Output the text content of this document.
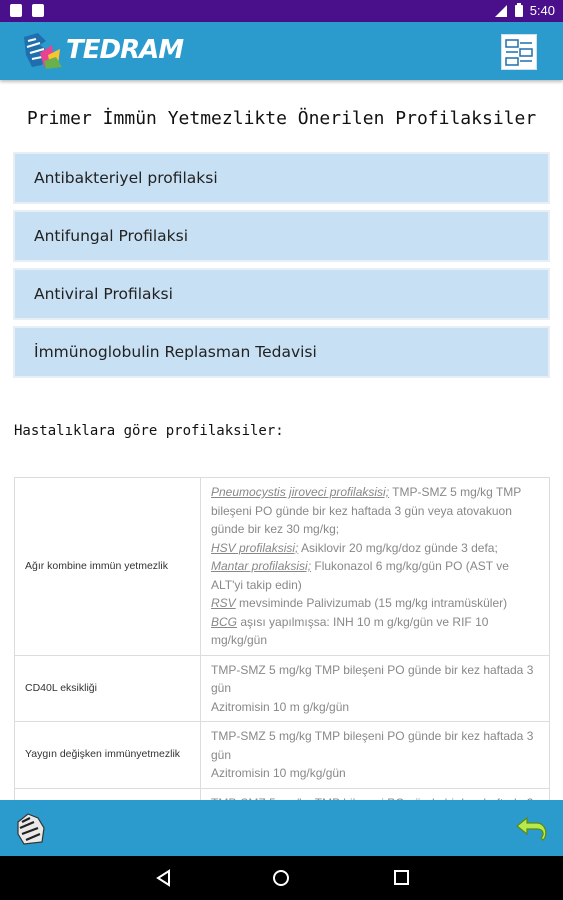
5:40
TEDRAM
Primer İmmün Yetmezlikte Önerilen Profilaksiler
Antibakteriyel profilaksi
Antifungal Profilaksi
Antiviral Profilaksi
İmmünoglobulin Replasman Tedavisi
Hastalıklara göre profilaksiler:
Ağır kombine immün yetmezlik	Pneumocystis jiroveci profilaksisi; TMP-SMZ 5 mg/kg TMP bileşeni PO günde bir kez haftada 3 gün veya atovakuon günde bir kez 30 mg/kg;
HSV profilaksisi; Asiklovir 20 mg/kg/doz günde 3 defa;
Mantar profilaksisi; Flukonazol 6 mg/kg/gün PO (AST ve ALT'yi takip edin)
RSV mevsiminde Palivizumab (15 mg/kg intramüsküler)
BCG aşısı yapılmışsa: INH 10 m g/kg/gün ve RIF 10 mg/kg/gün
CD40L eksikliği	TMP-SMZ 5 mg/kg TMP bileşeni PO günde bir kez haftada 3 gün
Azitromisin 10 m g/kg/gün
Yaygın değişken immünyetmezlik	TMP-SMZ 5 mg/kg TMP bileşeni PO günde bir kez haftada 3 gün
Azitromisin 10 mg/kg/gün
